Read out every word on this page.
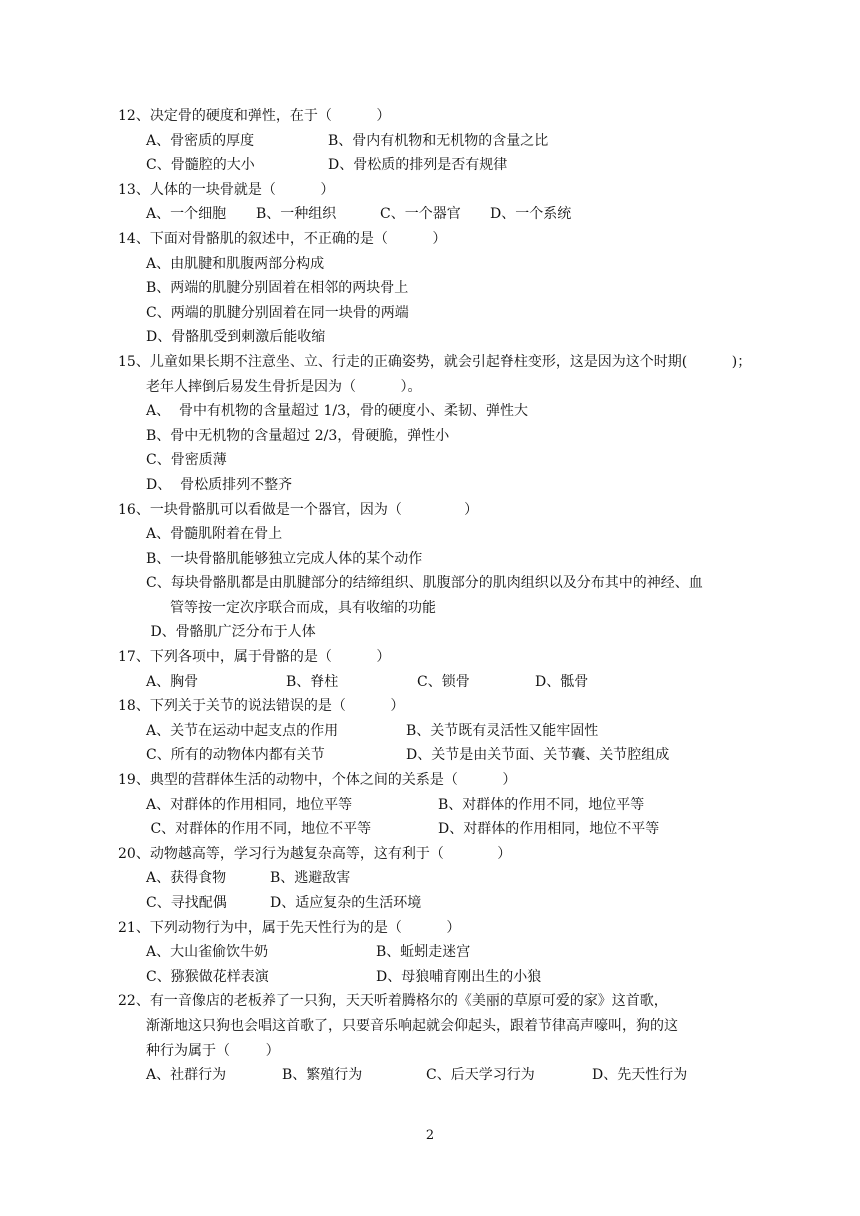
12、决定骨的硬度和弹性，在于（          ）
A、骨密质的厚度	B、骨内有机物和无机物的含量之比
C、骨髓腔的大小	D、骨松质的排列是否有规律
13、人体的一块骨就是（          ）
A、一个细胞	B、一种组织	C、一个器官	D、一个系统
14、下面对骨骼肌的叙述中，不正确的是（          ）
A、由肌腱和肌腹两部分构成
B、两端的肌腱分别固着在相邻的两块骨上
C、两端的肌腱分别固着在同一块骨的两端
D、骨骼肌受到刺激后能收缩
15、儿童如果长期不注意坐、立、行走的正确姿势，就会引起脊柱变形，这是因为这个时期(          )；
老年人摔倒后易发生骨折是因为（          ）。
A、  骨中有机物的含量超过 1/3，骨的硬度小、柔韧、弹性大
B、骨中无机物的含量超过 2/3，骨硬脆，弹性小
C、骨密质薄
D、  骨松质排列不整齐
16、一块骨骼肌可以看做是一个器官，因为（              ）
A、骨髓肌附着在骨上
B、一块骨骼肌能够独立完成人体的某个动作
C、每块骨骼肌都是由肌腱部分的结缔组织、肌腹部分的肌肉组织以及分布其中的神经、血
管等按一定次序联合而成，具有收缩的功能
D、骨骼肌广泛分布于人体
17、下列各项中，属于骨骼的是（          ）
A、胸骨	B、脊柱	C、锁骨	D、骶骨
18、下列关于关节的说法错误的是（          ）
A、关节在运动中起支点的作用	B、关节既有灵活性又能牢固性
C、所有的动物体内都有关节	D、关节是由关节面、关节囊、关节腔组成
19、典型的营群体生活的动物中，个体之间的关系是（          ）
A、对群体的作用相同，地位平等	B、对群体的作用不同，地位平等
C、对群体的作用不同，地位不平等	D、对群体的作用相同，地位不平等
20、动物越高等，学习行为越复杂高等，这有利于（            ）
A、获得食物	B、逃避敌害
C、寻找配偶	D、适应复杂的生活环境
21、下列动物行为中，属于先天性行为的是（          ）
A、大山雀偷饮牛奶	B、蚯蚓走迷宫
C、猕猴做花样表演	D、母狼哺育刚出生的小狼
22、有一音像店的老板养了一只狗，天天听着腾格尔的《美丽的草原可爱的家》这首歌，
渐渐地这只狗也会唱这首歌了，只要音乐响起就会仰起头，跟着节律高声嚎叫，狗的这
种行为属于（        ）
A、社群行为	B、繁殖行为	C、后天学习行为	D、先天性行为
2
